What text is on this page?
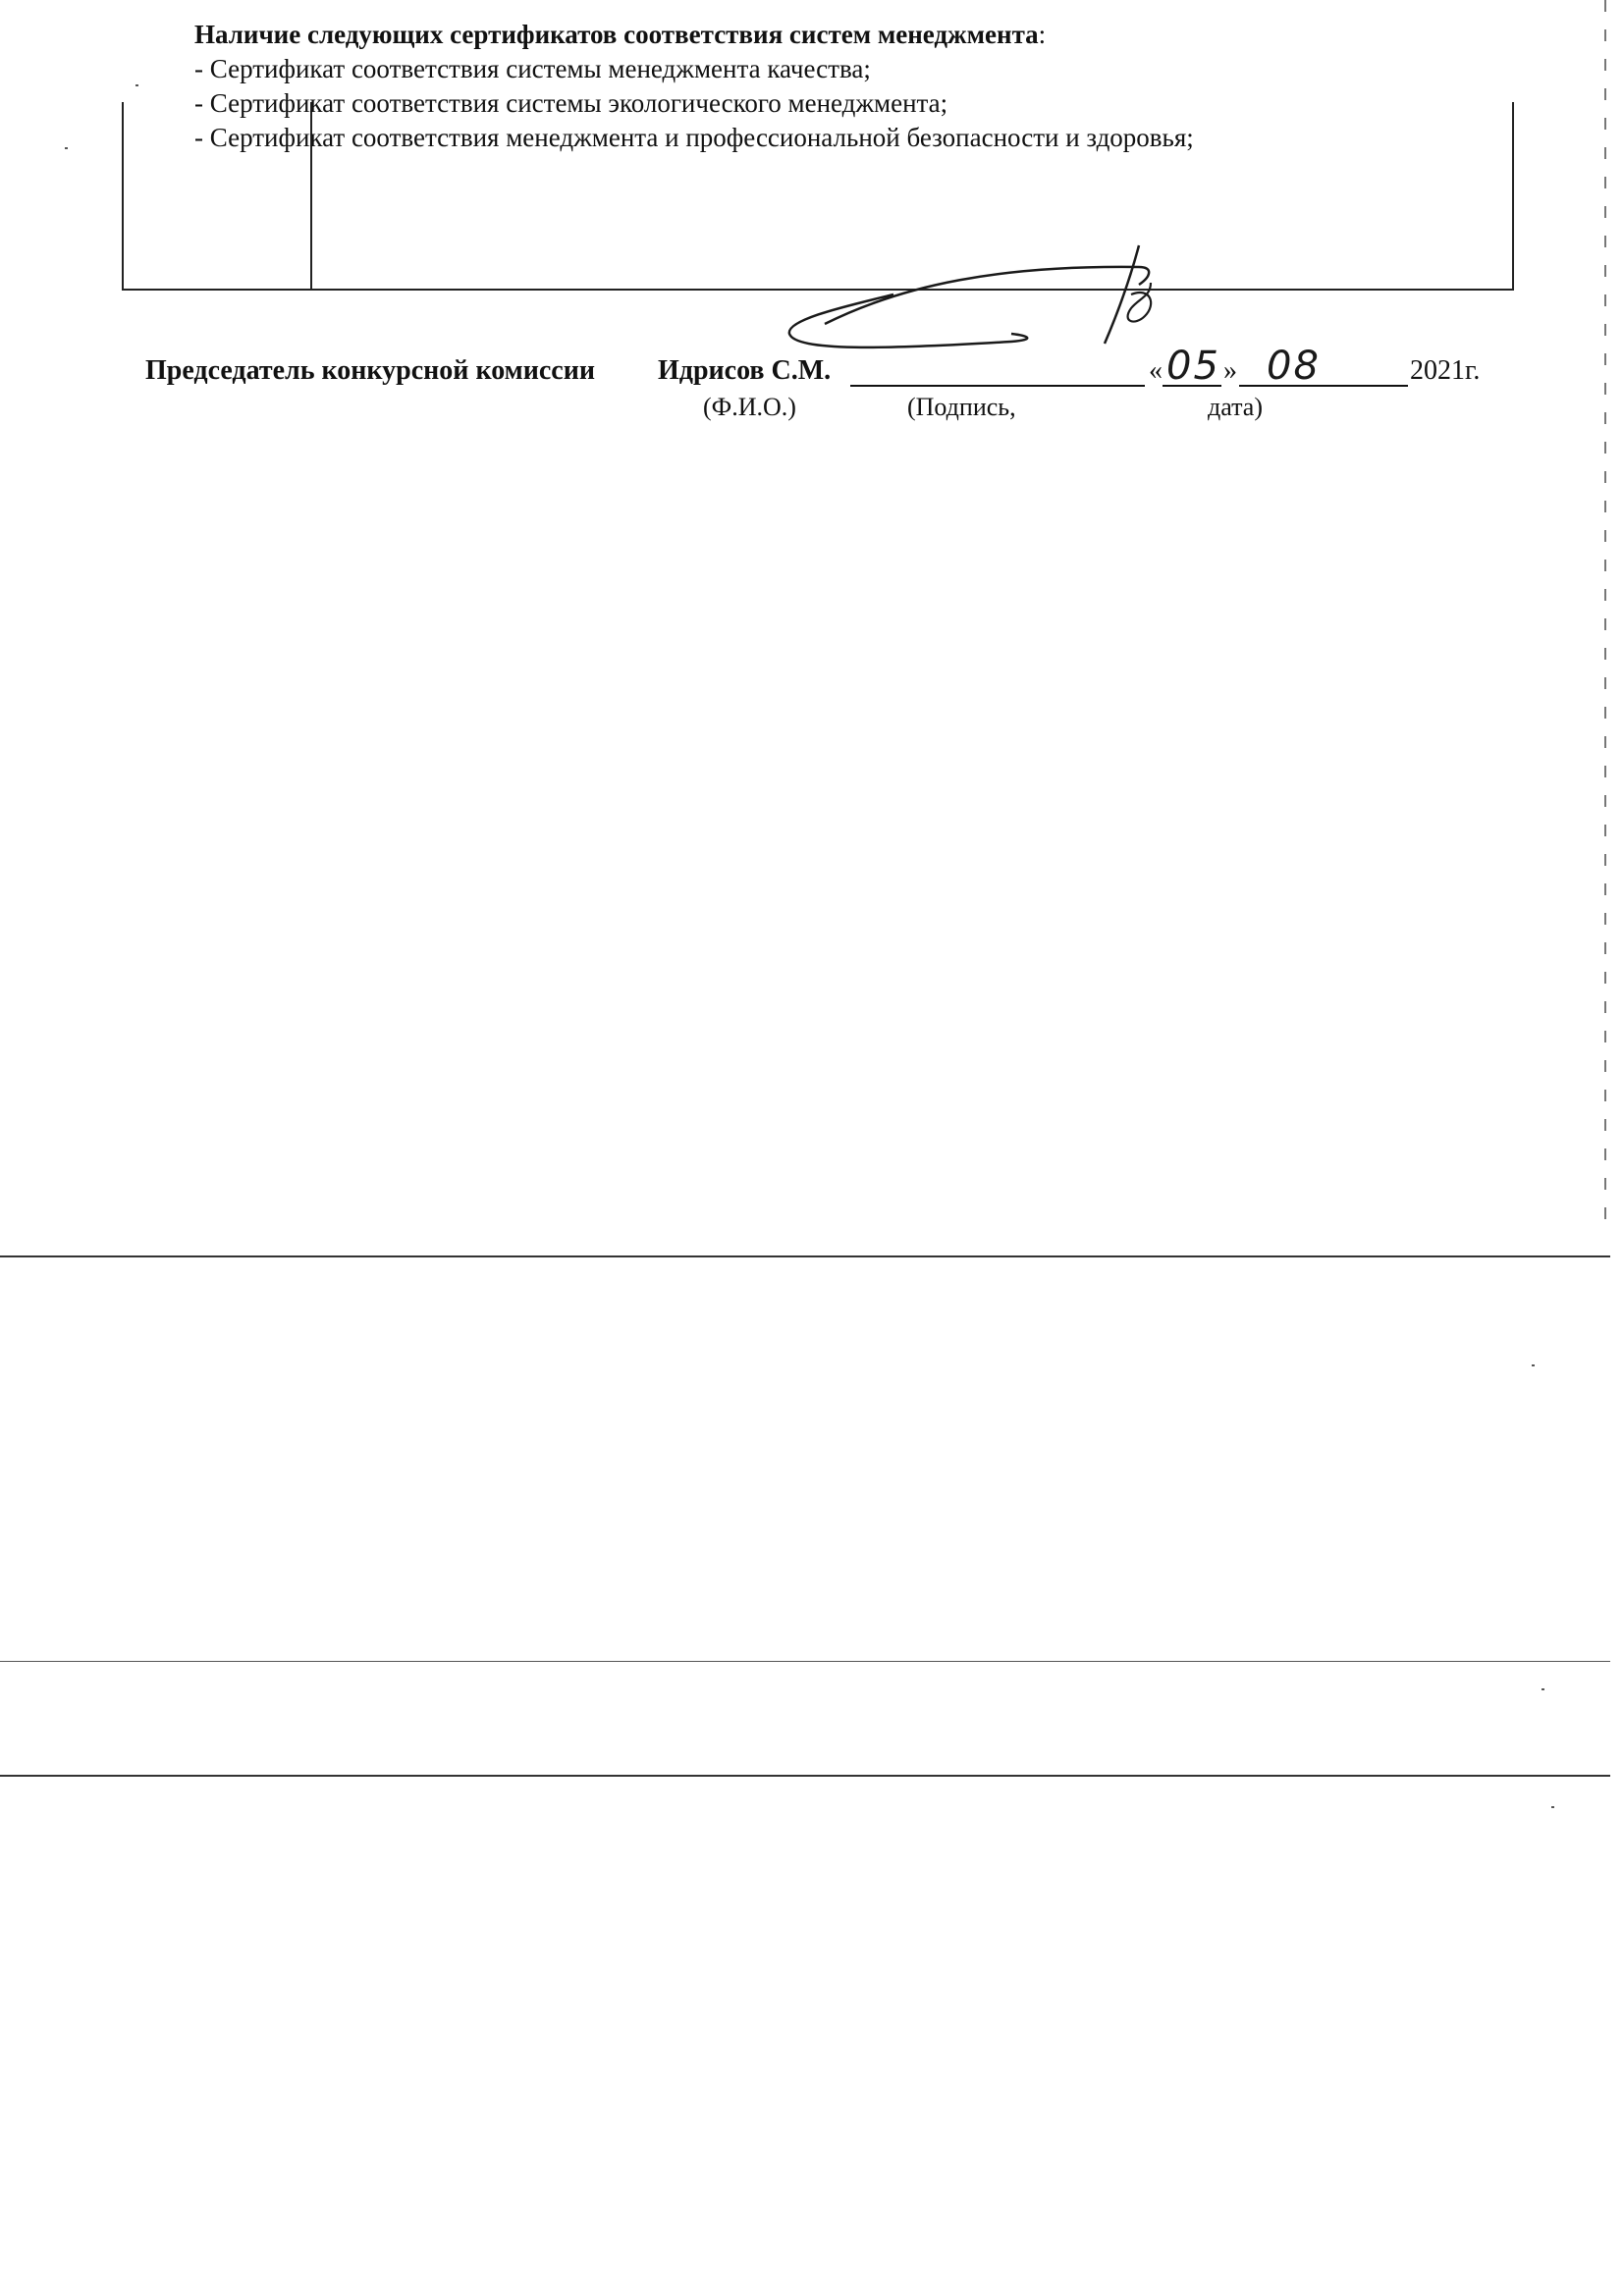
Наличие следующих сертификатов соответствия систем менеджмента:
- Сертификат соответствия системы менеджмента качества;
- Сертификат соответствия системы экологического менеджмента;
- Сертификат соответствия менеджмента и профессиональной безопасности и здоровья;
Председатель конкурсной комиссии Идрисов С.М.	« »	2021г.
05 08
(Ф.И.О.)	(Подпись,	дата)
